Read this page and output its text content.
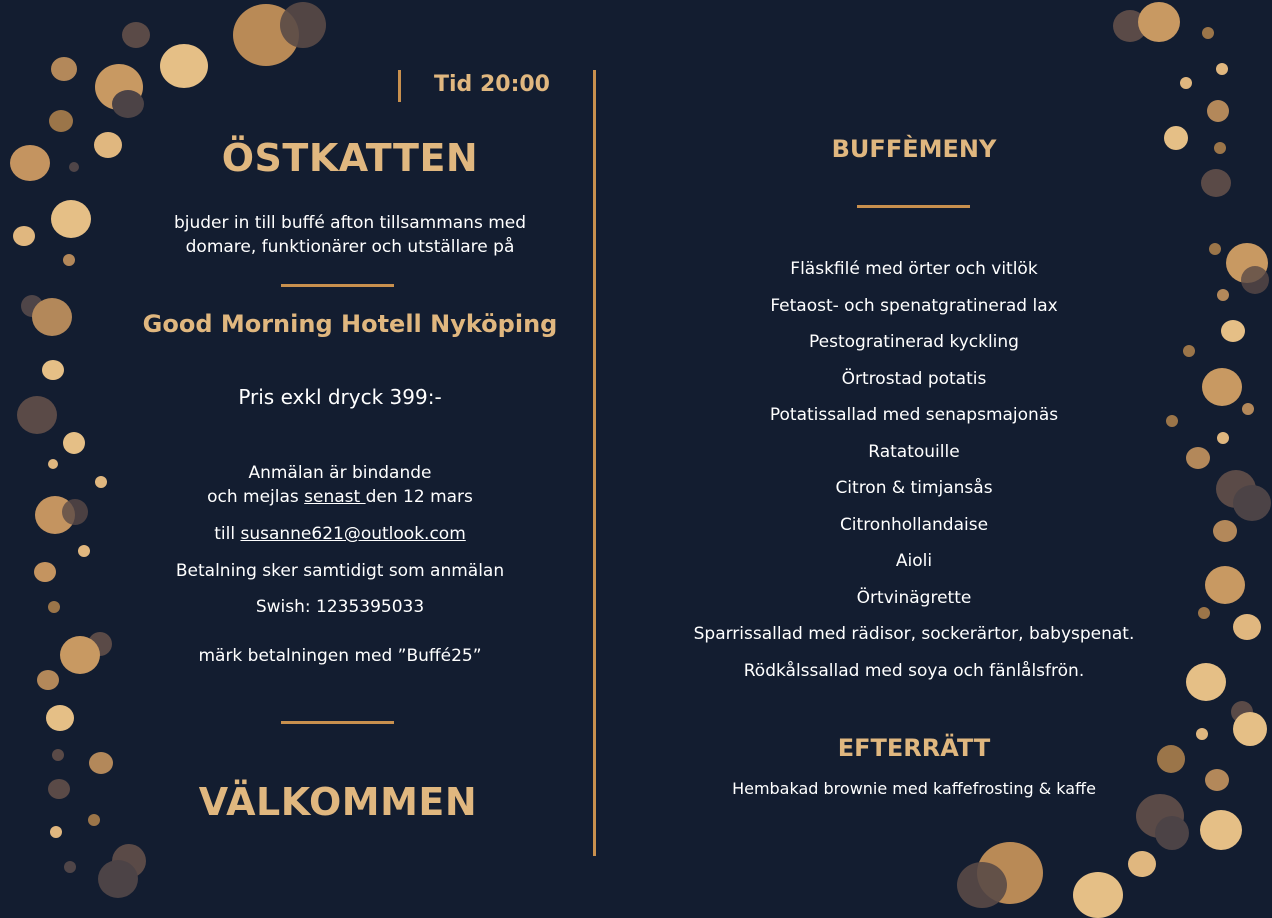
Tid 20:00
ÖSTKATTEN
bjuder in till buffé afton tillsammans med
domare, funktionärer och utställare på
Good Morning Hotell Nyköping
Pris exkl dryck 399:-
Anmälan är bindande
och mejlas senast den 12 mars
till susanne621@outlook.com
Betalning sker samtidigt som anmälan
Swish: 1235395033
märk betalningen med ”Buffé25”
VÄLKOMMEN
BUFFÈMENY
Fläskfilé med örter och vitlök
Fetaost- och spenatgratinerad lax
Pestogratinerad kyckling
Örtrostad potatis
Potatissallad med senapsmajonäs
Ratatouille
Citron & timjansås
Citronhollandaise
Aioli
Örtvinägrette
Sparrissallad med rädisor, sockerärtor, babyspenat.
Rödkålssallad med soya och fänlålsfrön.
EFTERRÄTT
Hembakad brownie med kaffefrosting & kaffe
